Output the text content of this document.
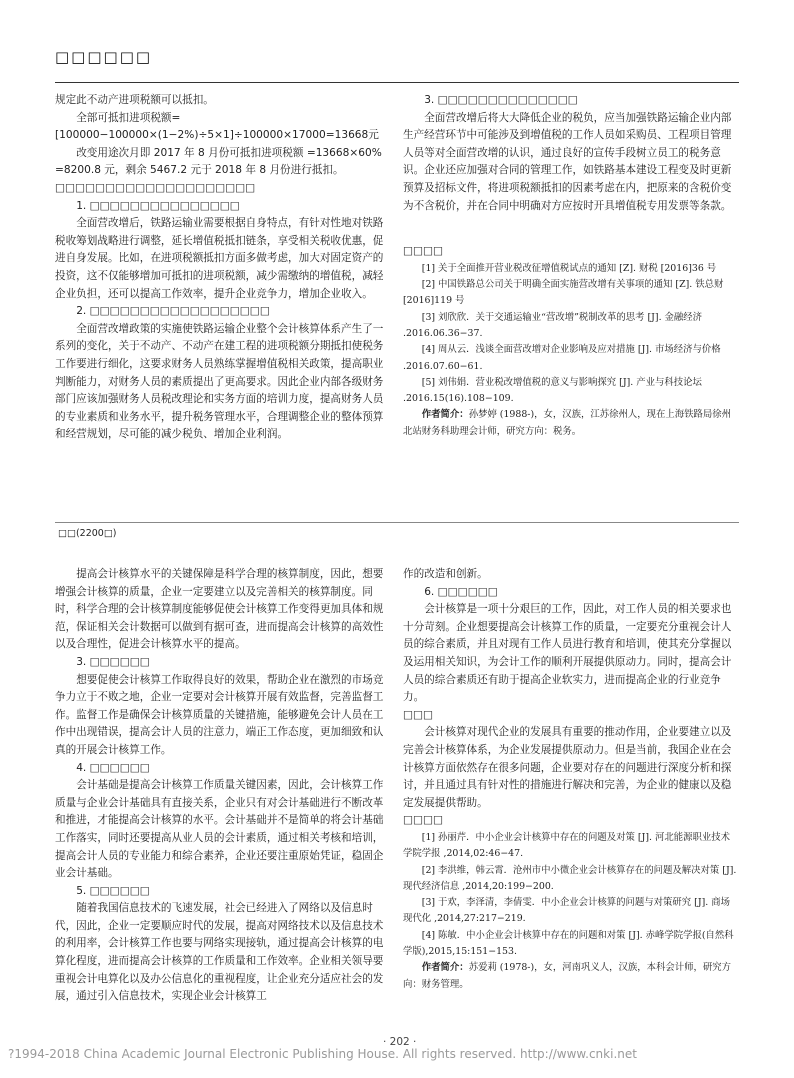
□□□□□□

规定此不动产进项税额可以抵扣。

全部可抵扣进项税额=[100000−100000×(1−2%)÷5×1]÷100000×17000=13668元

改变用途次月即 2017 年 8 月份可抵扣进项税额 =13668×60% =8200.8 元，剩余 5467.2 元于 2018 年 8 月份进行抵扣。

□□□□□□□□□□□□□□□□□□□□

1. □□□□□□□□□□□□□□□

全面营改增后，铁路运输业需要根据自身特点，有针对性地对铁路税收筹划战略进行调整，延长增值税抵扣链条，享受相关税收优惠，促进自身发展。比如，在进项税额抵扣方面多做考虑，加大对固定资产的投资，这不仅能够增加可抵扣的进项税额，减少需缴纳的增值税，减轻企业负担，还可以提高工作效率，提升企业竞争力，增加企业收入。

2. □□□□□□□□□□□□□□□□□□

全面营改增政策的实施使铁路运输企业整个会计核算体系产生了一系列的变化，关于不动产、不动产在建工程的进项税额分期抵扣使税务工作要进行细化，这要求财务人员熟练掌握增值税相关政策，提高职业判断能力，对财务人员的素质提出了更高要求。因此企业内部各级财务部门应该加强财务人员税改理论和实务方面的培训力度，提高财务人员的专业素质和业务水平，提升税务管理水平，合理调整企业的整体预算和经营规划，尽可能的减少税负、增加企业利润。

3. □□□□□□□□□□□□□□

全面营改增后将大大降低企业的税负，应当加强铁路运输企业内部生产经营环节中可能涉及到增值税的工作人员如采购员、工程项目管理人员等对全面营改增的认识，通过良好的宣传手段树立员工的税务意识。企业还应加强对合同的管理工作，如铁路基本建设工程变及时更新预算及招标文件，将进项税额抵扣的因素考虑在内，把原来的含税价变为不含税价，并在合同中明确对方应按时开具增值税专用发票等条款。

□□□□

[1] 关于全面推开营业税改征增值税试点的通知 [Z]. 财税 [2016]36 号

[2] 中国铁路总公司关于明确全面实施营改增有关事项的通知 [Z]. 铁总财 [2016]119 号

[3] 刘欣欣．关于交通运输业“营改增”税制改革的思考 [J]. 金融经济 .2016.06.36−37.

[4] 周从云．浅谈全面营改增对企业影响及应对措施 [J]. 市场经济与价格 .2016.07.60−61.

[5] 刘伟娟．营业税改增值税的意义与影响探究 [J]. 产业与科技论坛 .2016.15(16).108−109.

作者简介：孙梦婷 (1988-)，女，汉族，江苏徐州人，现在上海铁路局徐州北站财务科助理会计师，研究方向：税务。

□□(2200□)

提高会计核算水平的关键保障是科学合理的核算制度，因此，想要增强会计核算的质量，企业一定要建立以及完善相关的核算制度。同时，科学合理的会计核算制度能够促使会计核算工作变得更加具体和规范，保证相关会计数据可以做到有据可查，进而提高会计核算的高效性以及合理性，促进会计核算水平的提高。

3. □□□□□□

想要促使会计核算工作取得良好的效果，帮助企业在激烈的市场竞争力立于不败之地，企业一定要对会计核算开展有效监督，完善监督工作。监督工作是确保会计核算质量的关键措施，能够避免会计人员在工作中出现错误，提高会计人员的注意力，端正工作态度，更加细致和认真的开展会计核算工作。

4. □□□□□□

会计基础是提高会计核算工作质量关键因素，因此，会计核算工作质量与企业会计基础具有直接关系，企业只有对会计基础进行不断改革和推进，才能提高会计核算的水平。会计基础并不是简单的将会计基础工作落实，同时还要提高从业人员的会计素质，通过相关考核和培训，提高会计人员的专业能力和综合素养，企业还要注重原始凭证，稳固企业会计基础。

5. □□□□□□

随着我国信息技术的飞速发展，社会已经进入了网络以及信息时代，因此，企业一定要顺应时代的发展，提高对网络技术以及信息技术的利用率，会计核算工作也要与网络实现接轨，通过提高会计核算的电算化程度，进而提高会计核算的工作质量和工作效率。企业相关领导要重视会计电算化以及办公信息化的重视程度，让企业充分适应社会的发展，通过引入信息技术，实现企业会计核算工

作的改造和创新。

6. □□□□□□

会计核算是一项十分艰巨的工作，因此，对工作人员的相关要求也十分苛刻。企业想要提高会计核算工作的质量，一定要充分重视会计人员的综合素质，并且对现有工作人员进行教育和培训，使其充分掌握以及运用相关知识，为会计工作的顺利开展提供原动力。同时，提高会计人员的综合素质还有助于提高企业软实力，进而提高企业的行业竞争力。

□□□

会计核算对现代企业的发展具有重要的推动作用，企业要建立以及完善会计核算体系，为企业发展提供原动力。但是当前，我国企业在会计核算方面依然存在很多问题，企业要对存在的问题进行深度分析和探讨，并且通过具有针对性的措施进行解决和完善，为企业的健康以及稳定发展提供帮助。

□□□□

[1] 孙丽芹．中小企业会计核算中存在的问题及对策 [J]. 河北能源职业技术学院学报 ,2014,02:46−47.

[2] 李洪维，韩云霄．沧州市中小微企业会计核算存在的问题及解决对策 [J]. 现代经济信息 ,2014,20:199−200.

[3] 于欢，李泽清，李倩雯．中小企业会计核算的问题与对策研究 [J]. 商场现代化 ,2014,27:217−219.

[4] 陈敏．中小企业会计核算中存在的问题和对策 [J]. 赤峰学院学报(自然科学版),2015,15:151−153.

作者简介：苏爱莉 (1978-)，女，河南巩义人，汉族，本科会计师，研究方向：财务管理。

· 202 ·
?1994-2018 China Academic Journal Electronic Publishing House. All rights reserved. http://www.cnki.net
